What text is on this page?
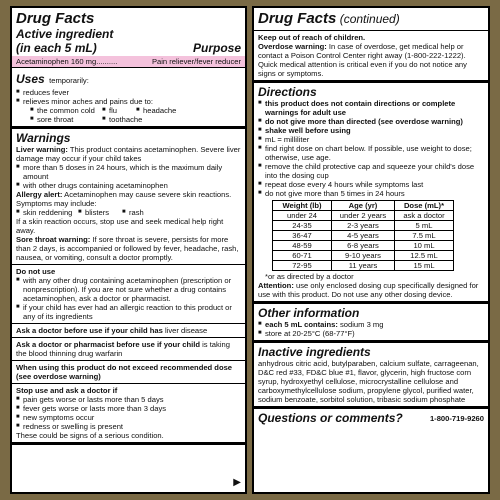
Drug Facts
Active ingredient
(in each 5 mL)	Purpose
Acetaminophen 160 mg ..........	Pain reliever/fever reducer
Uses temporarily:
■ reduces fever
■ relieves minor aches and pains due to:
■ the common cold	■ flu	■ headache
■ sore throat	■ toothache
Warnings
Liver warning: This product contains acetaminophen. Severe liver damage may occur if your child takes
■ more than 5 doses in 24 hours, which is the maximum daily amount
■ with other drugs containing acetaminophen
Allergy alert: Acetaminophen may cause severe skin reactions. Symptoms may include:
■ skin reddening	■ blisters	■ rash
If a skin reaction occurs, stop use and seek medical help right away.
Sore throat warning: If sore throat is severe, persists for more than 2 days, is accompanied or followed by fever, headache, rash, nausea, or vomiting, consult a doctor promptly.
Do not use
■ with any other drug containing acetaminophen (prescription or nonprescription). If you are not sure whether a drug contains acetaminophen, ask a doctor or pharmacist.
■ if your child has ever had an allergic reaction to this product or any of its ingredients
Ask a doctor before use if your child has liver disease
Ask a doctor or pharmacist before use if your child is taking the blood thinning drug warfarin
When using this product do not exceed recommended dose (see overdose warning)
Stop use and ask a doctor if
■ pain gets worse or lasts more than 5 days
■ fever gets worse or lasts more than 3 days
■ new symptoms occur
■ redness or swelling is present
These could be signs of a serious condition.
▶
Drug Facts (continued)
Keep out of reach of children.
Overdose warning: In case of overdose, get medical help or contact a Poison Control Center right away (1-800-222-1222). Quick medical attention is critical even if you do not notice any signs or symptoms.
Directions
■ this product does not contain directions or complete warnings for adult use
■ do not give more than directed (see overdose warning)
■ shake well before using
■ mL = milliliter
■ find right dose on chart below. If possible, use weight to dose; otherwise, use age.
■ remove the child protective cap and squeeze your child's dose into the dosing cup
■ repeat dose every 4 hours while symptoms last
■ do not give more than 5 times in 24 hours
Weight (lb)	Age (yr)	Dose (mL)*
under 24	under 2 years	ask a doctor
24-35	2-3 years	5 mL
36-47	4-5 years	7.5 mL
48-59	6-8 years	10 mL
60-71	9-10 years	12.5 mL
72-95	11 years	15 mL
*or as directed by a doctor
Attention: use only enclosed dosing cup specifically designed for use with this product. Do not use any other dosing device.
Other information
■ each 5 mL contains: sodium 3 mg
■ store at 20-25°C (68-77°F)
Inactive ingredients
anhydrous citric acid, butylparaben, calcium sulfate, carrageenan, D&C red #33, FD&C blue #1, flavor, glycerin, high fructose corn syrup, hydroxyethyl cellulose, microcrystalline cellulose and carboxymethylcellulose sodium, propylene glycol, purified water, sodium benzoate, sorbitol solution, tribasic sodium phosphate
Questions or comments?	1-800-719-9260
